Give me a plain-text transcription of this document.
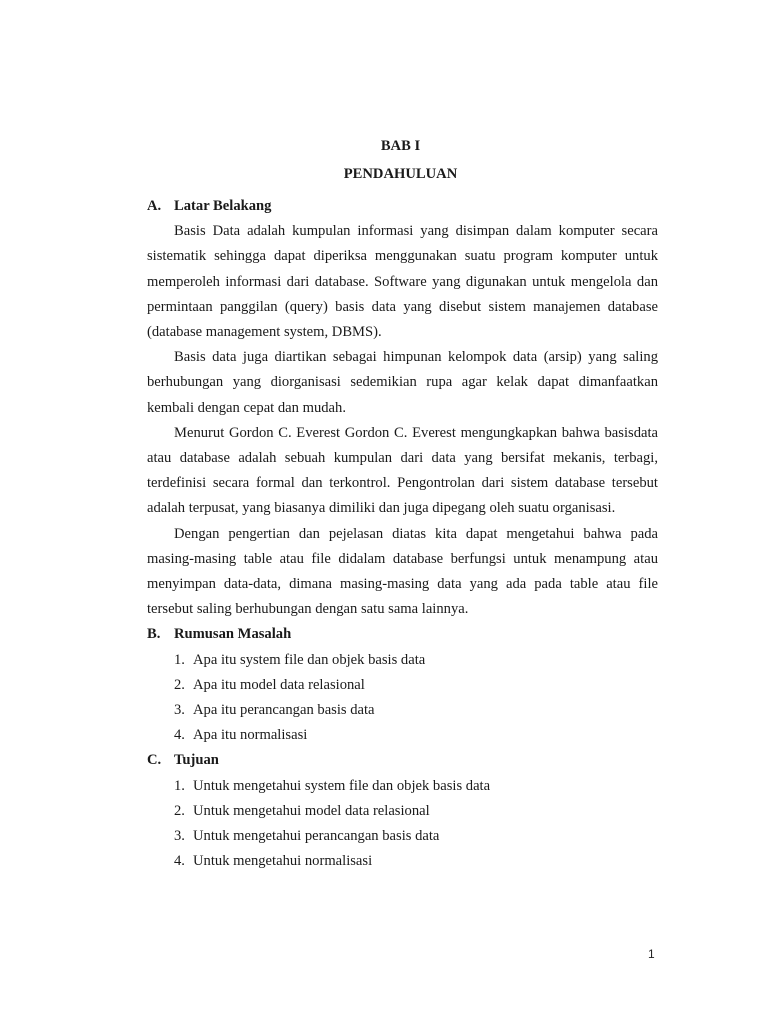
BAB I
PENDAHULUAN
A. Latar Belakang

Basis Data adalah kumpulan informasi yang disimpan dalam komputer secara sistematik sehingga dapat diperiksa menggunakan suatu program komputer untuk memperoleh informasi dari database. Software yang digunakan untuk mengelola dan permintaan panggilan (query) basis data yang disebut sistem manajemen database (database management system, DBMS).

Basis data juga diartikan sebagai himpunan kelompok data (arsip) yang saling berhubungan yang diorganisasi sedemikian rupa agar kelak dapat dimanfaatkan kembali dengan cepat dan mudah.

Menurut Gordon C. Everest Gordon C. Everest mengungkapkan bahwa basisdata atau database adalah sebuah kumpulan dari data yang bersifat mekanis, terbagi, terdefinisi secara formal dan terkontrol. Pengontrolan dari sistem database tersebut adalah terpusat, yang biasanya dimiliki dan juga dipegang oleh suatu organisasi.

Dengan pengertian dan pejelasan diatas kita dapat mengetahui bahwa pada masing-masing table atau file didalam database berfungsi untuk menampung atau menyimpan data-data, dimana masing-masing data yang ada pada table atau file tersebut saling berhubungan dengan satu sama lainnya.

B. Rumusan Masalah
1. Apa itu system file dan objek basis data
2. Apa itu model data relasional
3. Apa itu perancangan basis data
4. Apa itu normalisasi
C. Tujuan
1. Untuk mengetahui system file dan objek basis data
2. Untuk mengetahui model data relasional
3. Untuk mengetahui perancangan basis data
4. Untuk mengetahui normalisasi
1
